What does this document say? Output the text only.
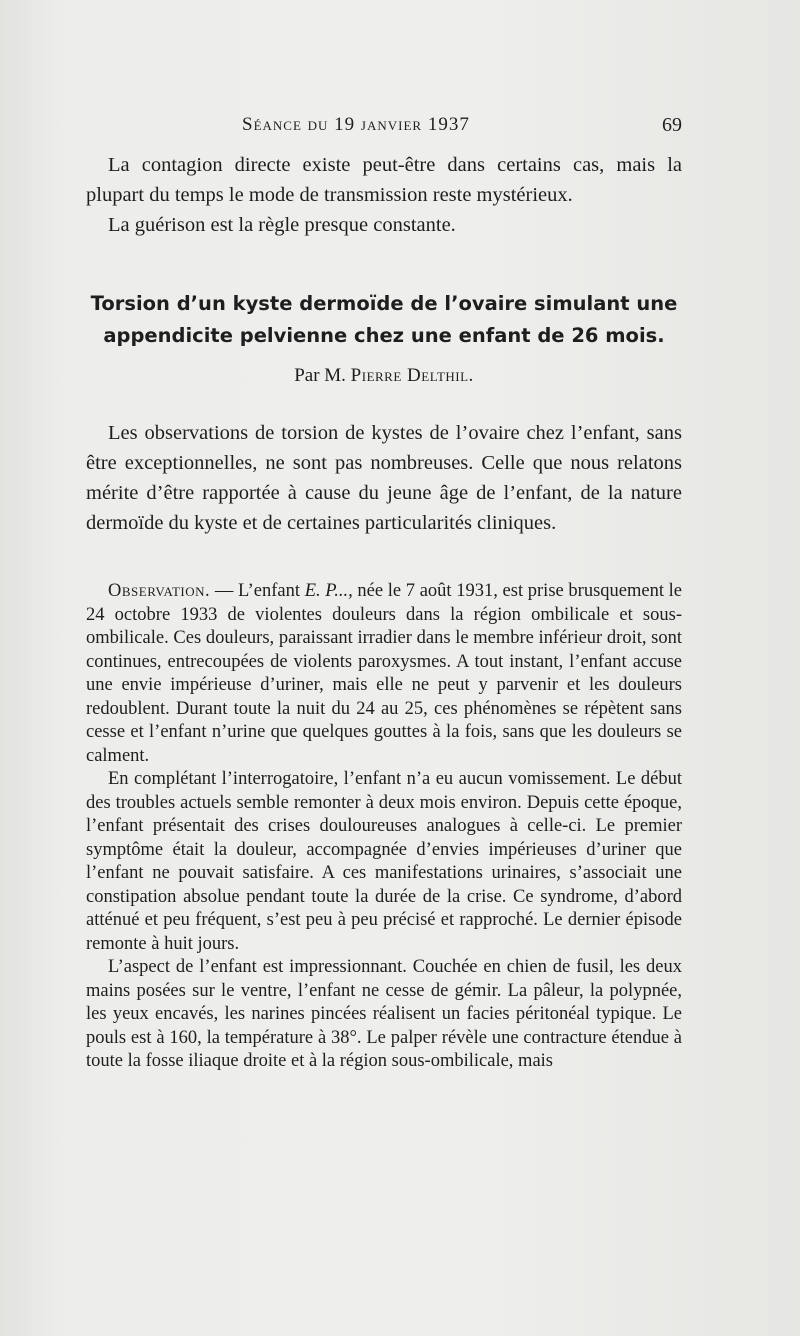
Séance du 19 janvier 1937	69

La contagion directe existe peut-être dans certains cas, mais la plupart du temps le mode de transmission reste mystérieux.

La guérison est la règle presque constante.

Torsion d’un kyste dermoïde de l’ovaire simulant une appendicite pelvienne chez une enfant de 26 mois.

Par M. Pierre Delthil.

Les observations de torsion de kystes de l’ovaire chez l’enfant, sans être exceptionnelles, ne sont pas nombreuses. Celle que nous relatons mérite d’être rapportée à cause du jeune âge de l’enfant, de la nature dermoïde du kyste et de certaines particularités cliniques.

Observation. — L’enfant E. P..., née le 7 août 1931, est prise brusquement le 24 octobre 1933 de violentes douleurs dans la région ombilicale et sous-ombilicale. Ces douleurs, paraissant irradier dans le membre inférieur droit, sont continues, entrecoupées de violents paroxysmes. A tout instant, l’enfant accuse une envie impérieuse d’uriner, mais elle ne peut y parvenir et les douleurs redoublent. Durant toute la nuit du 24 au 25, ces phénomènes se répètent sans cesse et l’enfant n’urine que quelques gouttes à la fois, sans que les douleurs se calment.

En complétant l’interrogatoire, l’enfant n’a eu aucun vomissement. Le début des troubles actuels semble remonter à deux mois environ. Depuis cette époque, l’enfant présentait des crises douloureuses analogues à celle-ci. Le premier symptôme était la douleur, accompagnée d’envies impérieuses d’uriner que l’enfant ne pouvait satisfaire. A ces manifestations urinaires, s’associait une constipation absolue pendant toute la durée de la crise. Ce syndrome, d’abord atténué et peu fréquent, s’est peu à peu précisé et rapproché. Le dernier épisode remonte à huit jours.

L’aspect de l’enfant est impressionnant. Couchée en chien de fusil, les deux mains posées sur le ventre, l’enfant ne cesse de gémir. La pâleur, la polypnée, les yeux encavés, les narines pincées réalisent un facies péritonéal typique. Le pouls est à 160, la température à 38°. Le palper révèle une contracture étendue à toute la fosse iliaque droite et à la région sous-ombilicale, mais
